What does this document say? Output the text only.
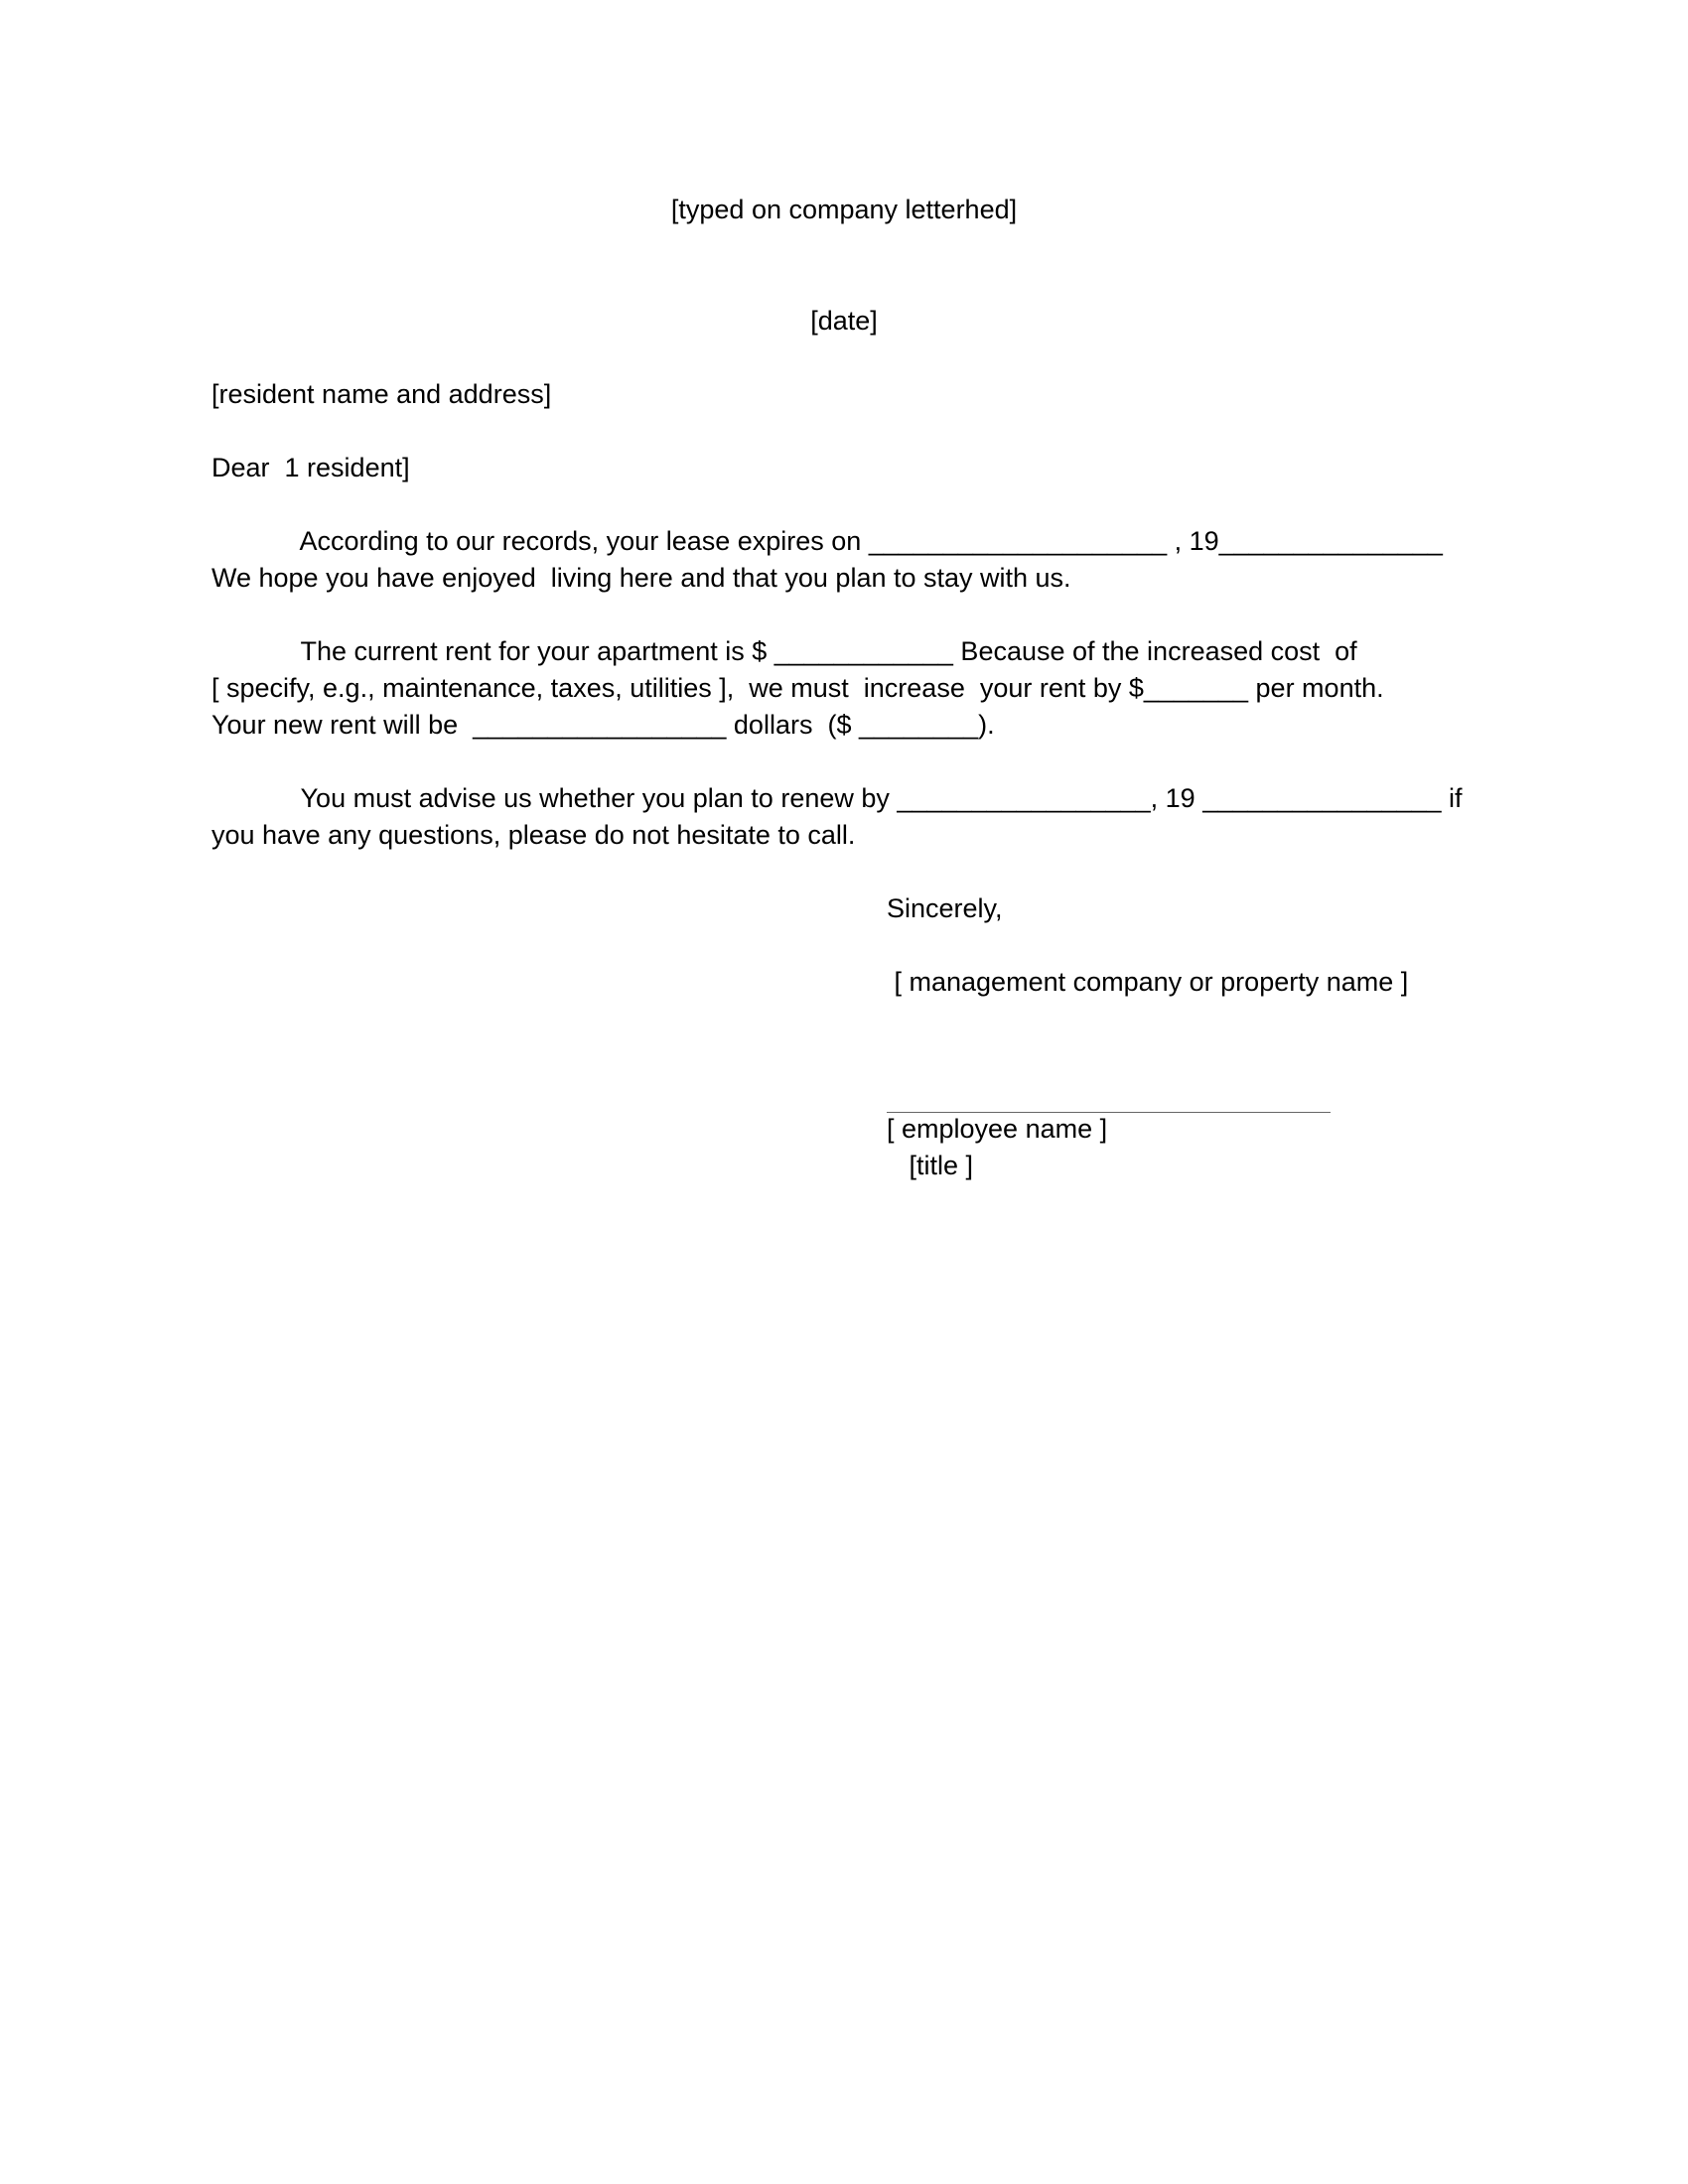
[typed on company letterhed]

[date]

[resident name and address]

Dear  1 resident]

According to our records, your lease expires on ____________________ , 19_______________

We hope you have enjoyed  living here and that you plan to stay with us.

The current rent for your apartment is $ ____________ Because of the increased cost  of

[ specify, e.g., maintenance, taxes, utilities ],  we must  increase  your rent by $_______ per month.

Your new rent will be  _________________ dollars  ($ ________).

You must advise us whether you plan to renew by _________________, 19 ________________ if

you have any questions, please do not hesitate to call.

Sincerely,

[ management company or property name ]

[ employee name ]

[title ]
